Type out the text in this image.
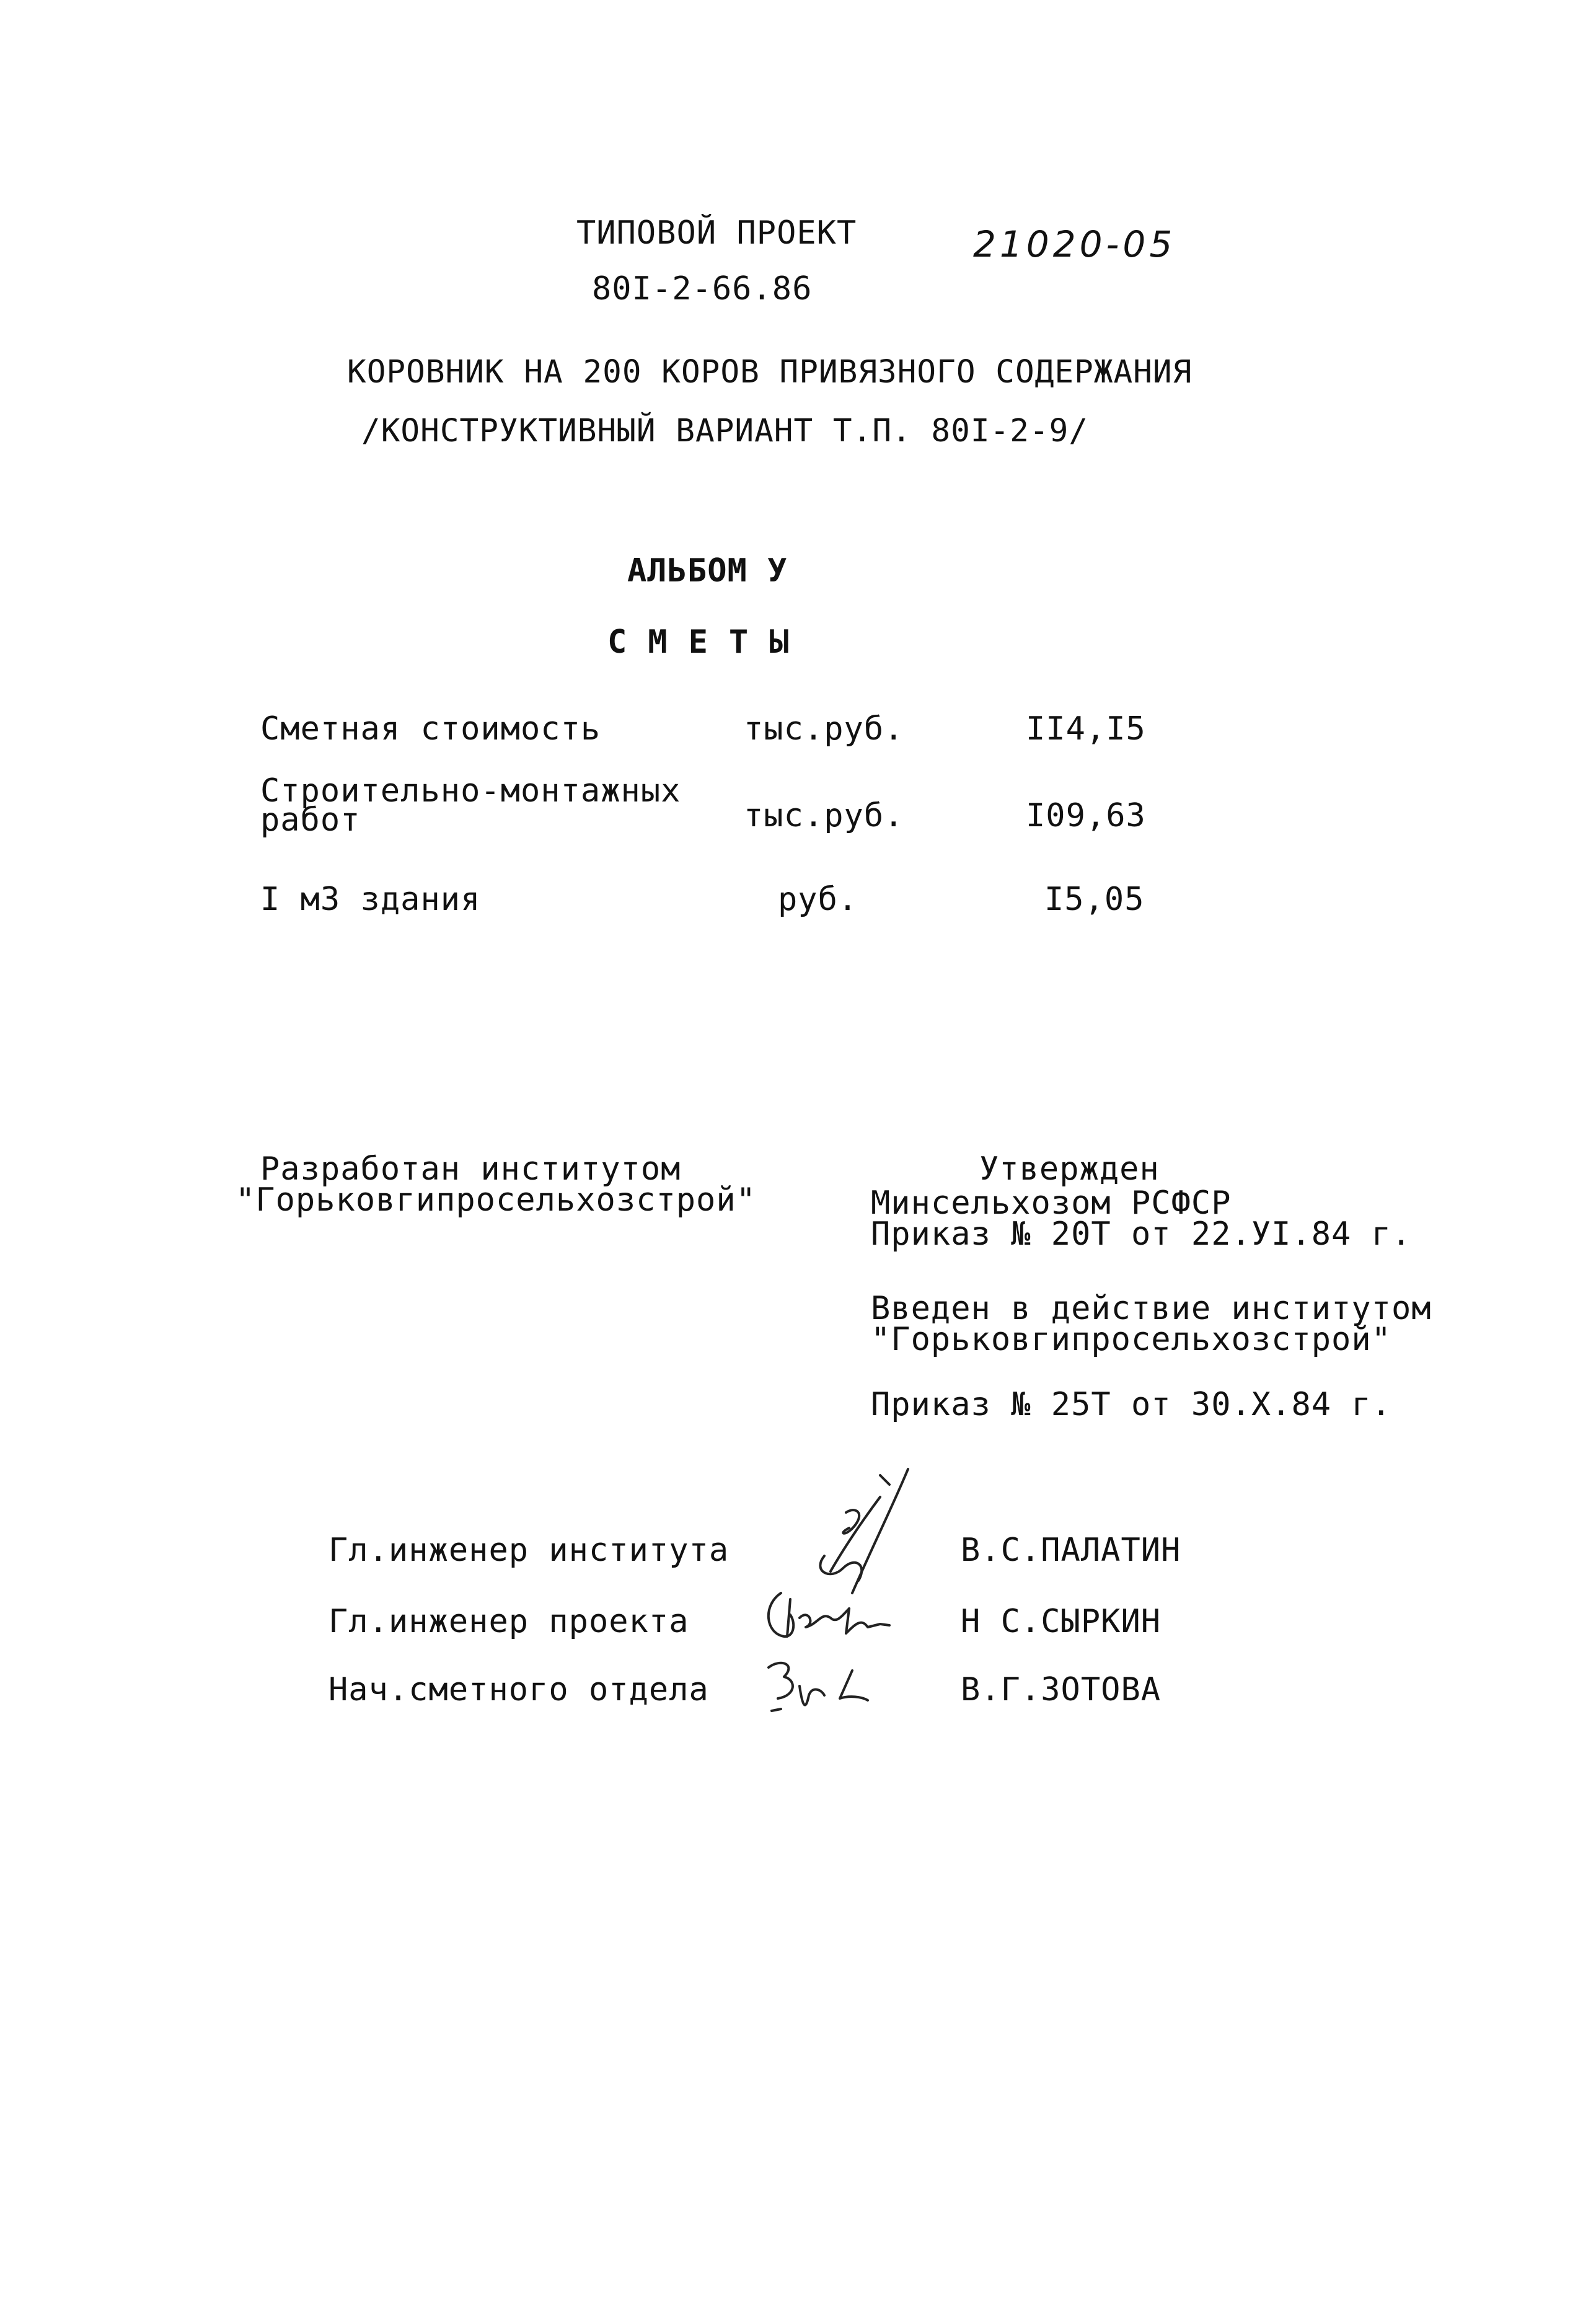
ТИПОВОЙ ПРОЕКТ
80I-2-66.86
21020-05
КОРОВНИК НА 200 КОРОВ ПРИВЯЗНОГО СОДЕРЖАНИЯ
/КОНСТРУКТИВНЫЙ ВАРИАНТ Т.П. 80I-2-9/
АЛЬБОМ У
СМЕТЫ
Сметная стоимость	тыс.руб.	II4,I5
Строительно-монтажных
работ	тыс.руб.	I09,63
I м3 здания	руб.	I5,05
Разработан институтом
"Горьковгипросельхозстрой"
Утвержден
Минсельхозом РСФСР
Приказ № 20Т от 22.УI.84 г.
Введен в действие институтом
"Горьковгипросельхозстрой"
Приказ № 25Т от 30.X.84 г.
Гл.инженер института	В.С.ПАЛАТИН
Гл.инженер проекта	Н С.СЫРКИН
Нач.сметного отдела	В.Г.ЗОТОВА
